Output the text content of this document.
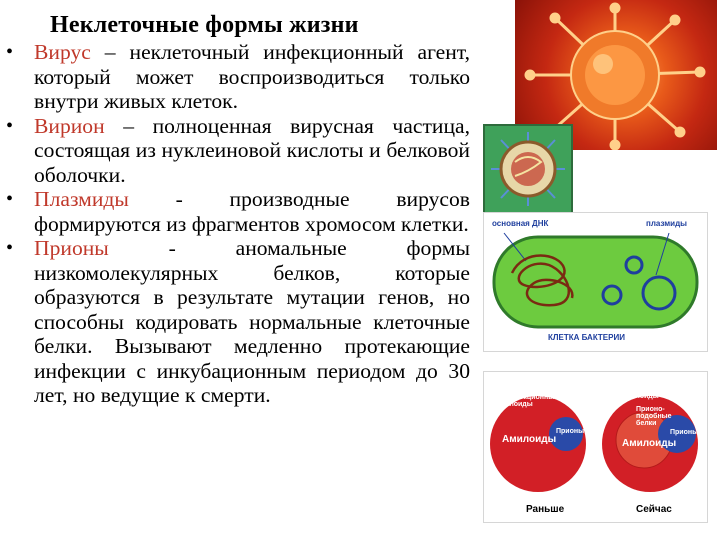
Неклеточные формы жизни
• Вирус – неклеточный инфекционный агент, который может воспроизводиться только внутри живых клеток.
• Вирион – полноценная вирусная частица, состоящая из нуклеиновой кислоты и белковой оболочки.
• Плазмиды - производные вирусов формируются из фрагментов хромосом клетки.
• Прионы - аномальные формы низкомолекулярных белков, которые образуются в результате мутации генов, но способны кодировать нормальные клеточные белки. Вызывают медленно протекающие инфекции с инкубационным периодом до 30 лет, но ведущие к смерти.
основная ДНК	плазмиды
КЛЕТКА БАКТЕРИИ
Неинфекционные амилоиды
Амилоиды
Прионы
Раньше
Неинфекционные амилоиды
Прионо-подобные белки
Амилоиды
Прионы
Сейчас
